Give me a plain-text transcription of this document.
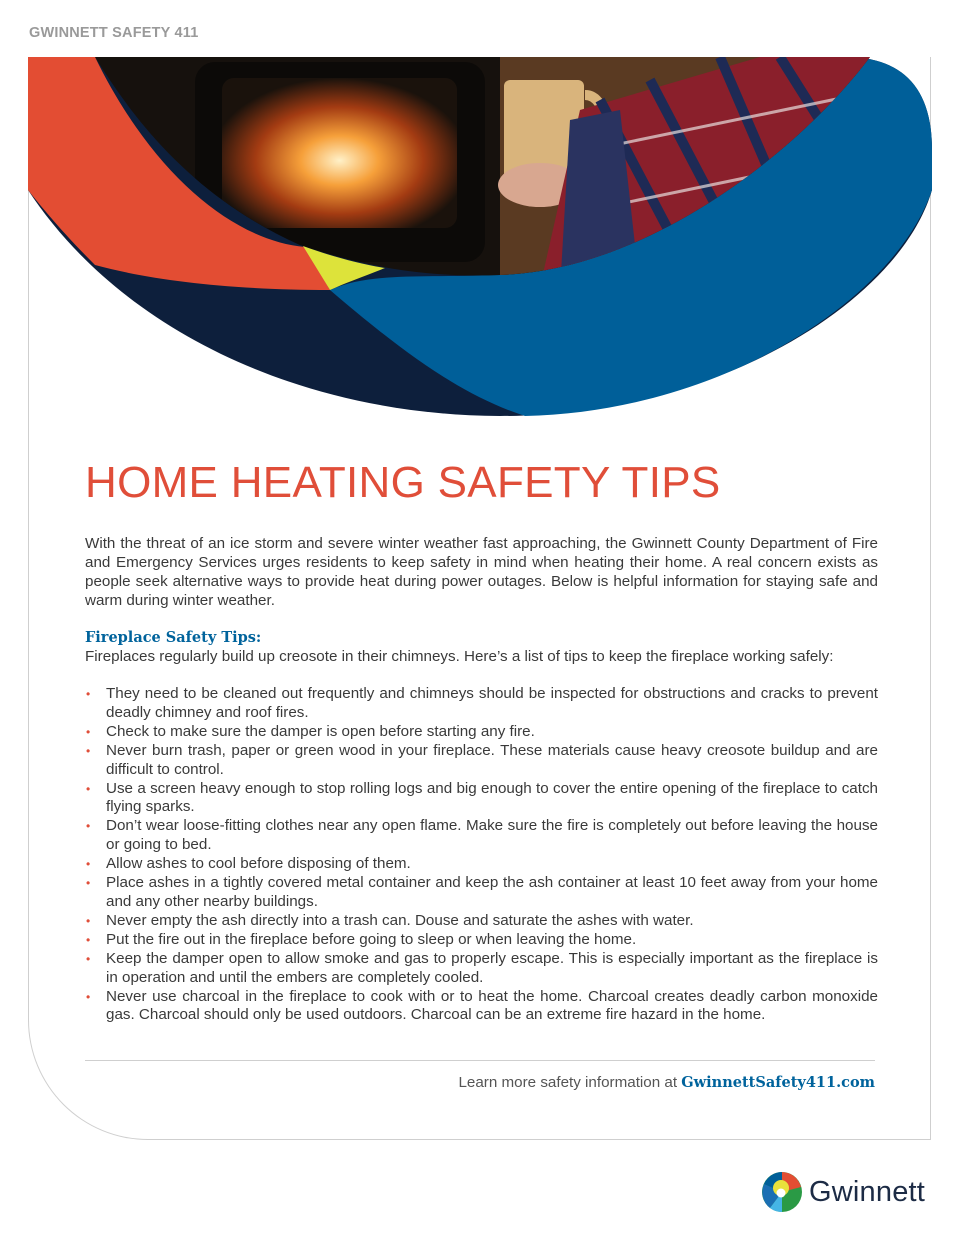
GWINNETT SAFETY 411
HOME HEATING SAFETY TIPS

With the threat of an ice storm and severe winter weather fast approaching, the Gwinnett County Department of Fire and Emergency Services urges residents to keep safety in mind when heating their home. A real concern exists as people seek alternative ways to provide heat during power outages. Below is helpful information for staying safe and warm during winter weather.

Fireplace Safety Tips:

Fireplaces regularly build up creosote in their chimneys. Here’s a list of tips to keep the fireplace working safely:

• They need to be cleaned out frequently and chimneys should be inspected for obstructions and cracks to prevent deadly chimney and roof fires.
• Check to make sure the damper is open before starting any fire.
• Never burn trash, paper or green wood in your fireplace. These materials cause heavy creosote buildup and are difficult to control.
• Use a screen heavy enough to stop rolling logs and big enough to cover the entire opening of the fireplace to catch flying sparks.
• Don’t wear loose-fitting clothes near any open flame. Make sure the fire is completely out before leaving the house or going to bed.
• Allow ashes to cool before disposing of them.
• Place ashes in a tightly covered metal container and keep the ash container at least 10 feet away from your home and any other nearby buildings.
• Never empty the ash directly into a trash can. Douse and saturate the ashes with water.
• Put the fire out in the fireplace before going to sleep or when leaving the home.
• Keep the damper open to allow smoke and gas to properly escape. This is especially important as the fireplace is in operation and until the embers are completely cooled.
• Never use charcoal in the fireplace to cook with or to heat the home. Charcoal creates deadly carbon monoxide gas. Charcoal should only be used outdoors. Charcoal can be an extreme fire hazard in the home.
Learn more safety information at GwinnettSafety411.com
Gwinnett
